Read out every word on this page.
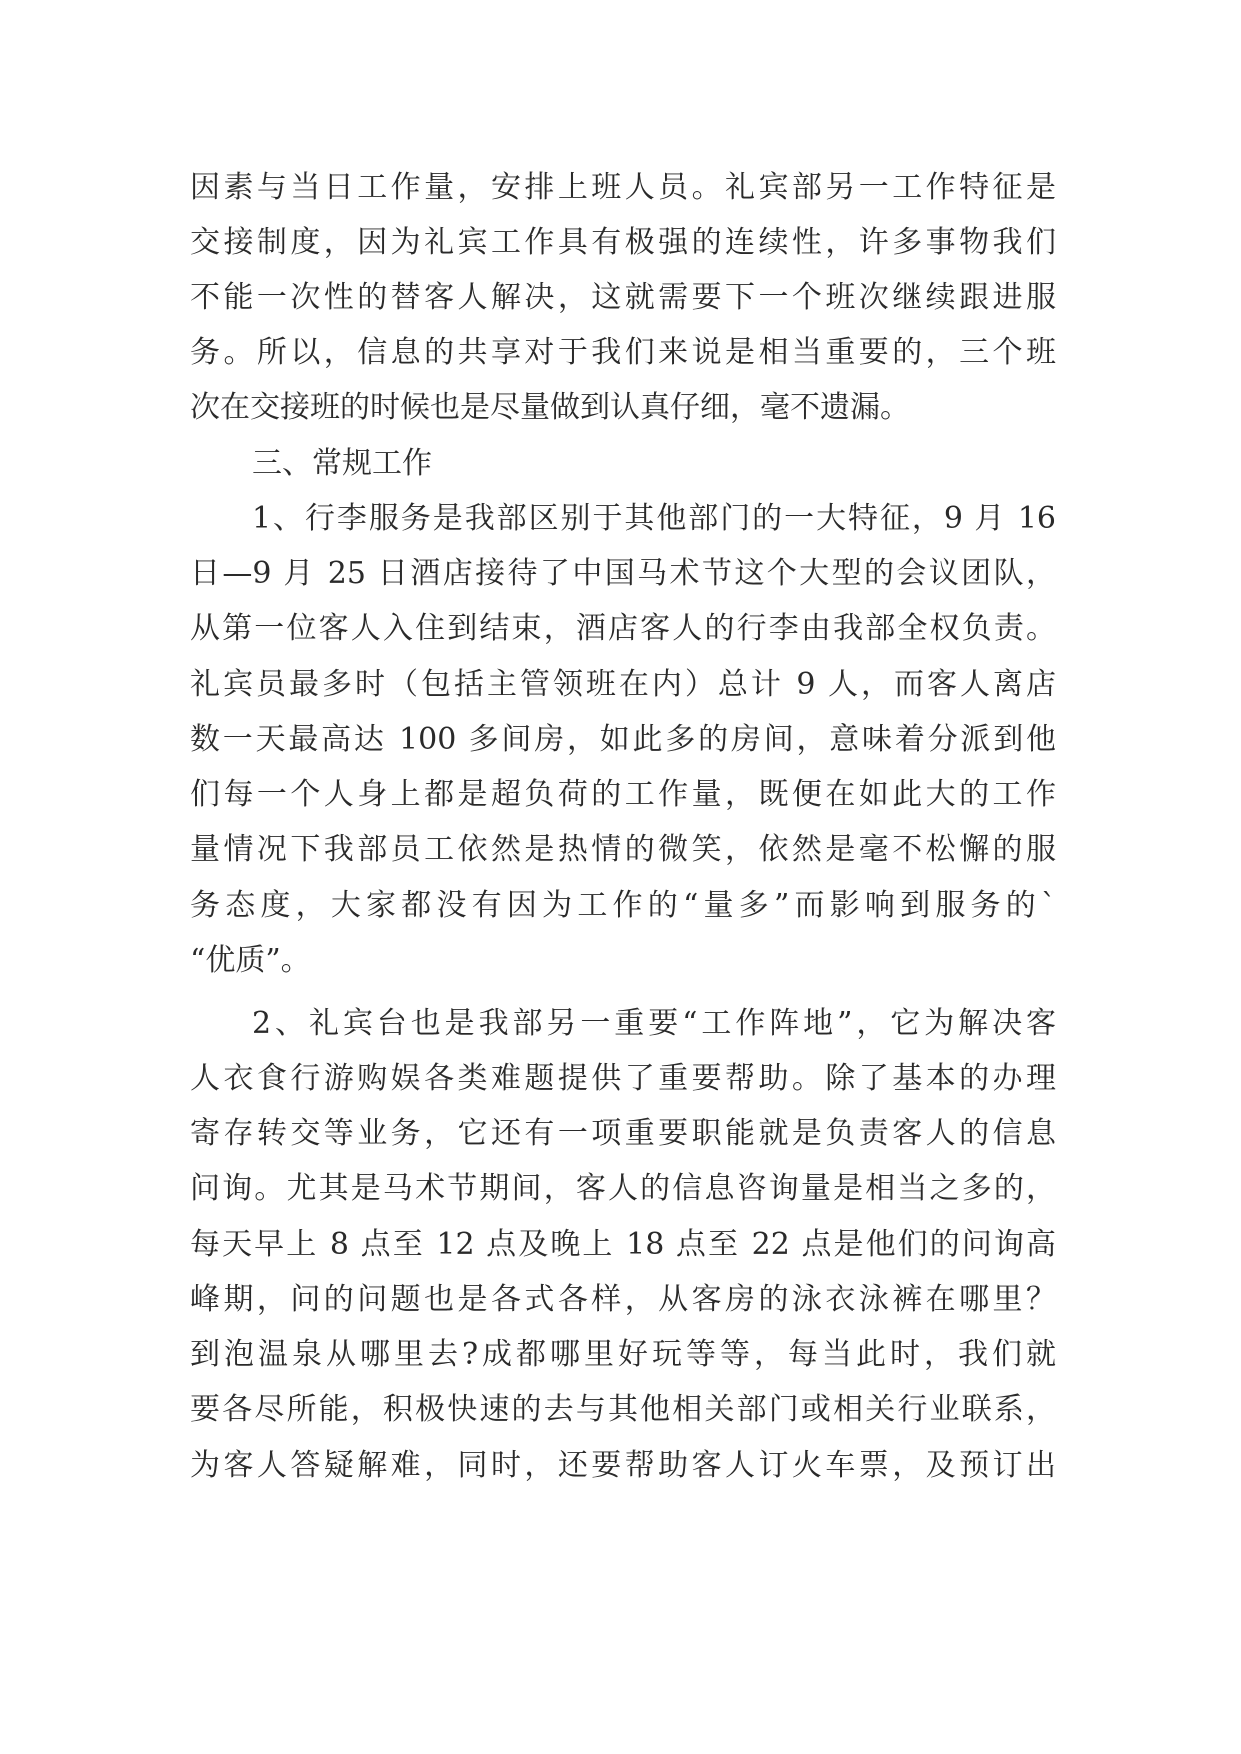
因素与当日工作量，安排上班人员。礼宾部另一工作特征是
交接制度，因为礼宾工作具有极强的连续性，许多事物我们
不能一次性的替客人解决，这就需要下一个班次继续跟进服
务。所以，信息的共享对于我们来说是相当重要的，三个班
次在交接班的时候也是尽量做到认真仔细，毫不遗漏。
三、常规工作
1、行李服务是我部区别于其他部门的一大特征，9 月 16
日—9 月 25 日酒店接待了中国马术节这个大型的会议团队，
从第一位客人入住到结束，酒店客人的行李由我部全权负责。
礼宾员最多时（包括主管领班在内）总计 9 人，而客人离店
数一天最高达 100 多间房，如此多的房间，意味着分派到他
们每一个人身上都是超负荷的工作量，既便在如此大的工作
量情况下我部员工依然是热情的微笑，依然是毫不松懈的服
务态度，大家都没有因为工作的“量多”而影响到服务的`
“优质”。
2、礼宾台也是我部另一重要“工作阵地”，它为解决客
人衣食行游购娱各类难题提供了重要帮助。除了基本的办理
寄存转交等业务，它还有一项重要职能就是负责客人的信息
问询。尤其是马术节期间，客人的信息咨询量是相当之多的，
每天早上 8 点至 12 点及晚上 18 点至 22 点是他们的问询高
峰期，问的问题也是各式各样，从客房的泳衣泳裤在哪里？
到泡温泉从哪里去?成都哪里好玩等等，每当此时，我们就
要各尽所能，积极快速的去与其他相关部门或相关行业联系，
为客人答疑解难，同时，还要帮助客人订火车票，及预订出
